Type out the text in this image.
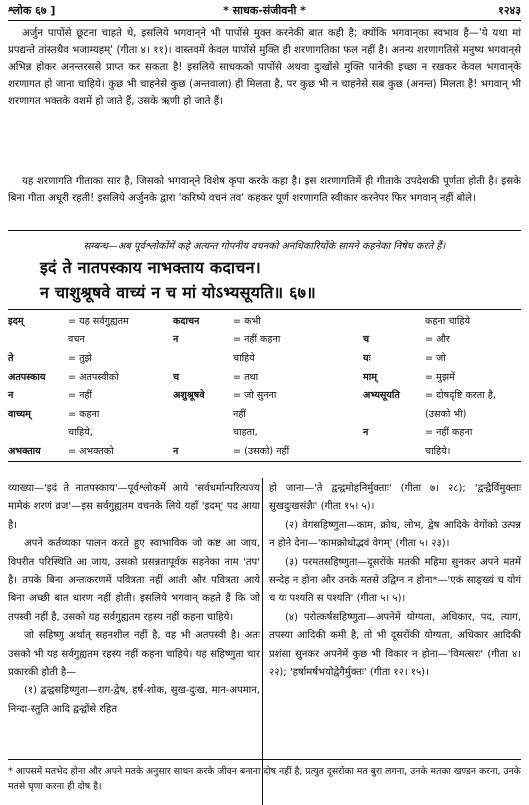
श्लोक ६७ ]	* साधक-संजीवनी *	१२४३
अर्जुन पापोंसे छूटना चाहते थे, इसलिये भगवान्‌ने भी पापोंसे मुक्त करनेकी बात कही है; क्योंकि भगवान्‌का स्वभाव है—'ये यथा मां प्रपद्यन्ते तांस्तथैव भजाम्यहम्' (गीता ४। ११)। वास्तवमें केवल पापोंसे मुक्ति ही शरणागतिका फल नहीं है। अनन्य शरणागतिसे मनुष्य भगवान्‌से अभिन्न होकर अनन्तरससे प्राप्त कर सकता है! इसलिये साधकको पापोंसे अथवा दुःखोंसे मुक्ति पानेकी इच्छा न रखकर केवल भगवान्‌के शरणागत हो जाना चाहिये। कुछ भी चाहनेसे कुछ (अन्तवाला) ही मिलता है, पर कुछ भी न चाहनेसे सब कुछ (अनन्त) मिलता है! भगवान्‌ भी शरणागत भक्तके वशमें हो जाते हैं, उसके ऋणी हो जाते हैं।
यह शरणागति गीताका सार है, जिसको भगवान्‌ने विशेष कृपा करके कहा है। इस शरणागतिमें ही गीताके उपदेशकी पूर्णता होती है। इसके बिना गीता अधूरी रहती! इसलिये अर्जुनके द्वारा 'करिष्ये वचनं तव' कहकर पूर्ण शरणागति स्वीकार करनेपर फिर भगवान्‌ नहीं बोले।
सम्बन्ध—अब पूर्वश्लोकोंमें कहे अत्यन्त गोपनीय वचनको अनधिकारियोंके सामने कहनेका निषेध करते हैं।
इदं ते नातपस्काय नाभक्ताय कदाचन।
न चाशुश्रूषवे वाच्यं न च मां योऽभ्यसूयति॥ ६७॥
इदम्	= यह सर्वगुह्यतम	कदाचन	= कभी		कहना चाहिये
	वचन	न	= नहीं कहना	च	= और
ते	= तुझे		चाहिये	यः	= जो
अतपस्काय	= अतपस्वीको	च	= तथा	माम्	= मुझमें
न	= नहीं	अशुश्रूषवे	= जो सुनना	अभ्यसूयति	= दोषदृष्टि करता है,
वाच्यम्	= कहना		नहीं		(उसको भी)
	चाहिये,		चाहता,	न	= नहीं कहना
अभक्ताय	= अभक्तको	न	= (उसको) नहीं		चाहिये।

व्याख्या—'इदं ते नातपस्काय'—पूर्वश्लोकमें आये 'सर्वधर्मान्परित्यज्य मामेकं शरणं व्रज'—इस सर्वगुह्यतम वचनके लिये यहाँ 'इदम्' पद आया है।

अपने कर्तव्यका पालन करते हुए स्वाभाविक जो कष्ट आ जाय, विपरीत परिस्थिति आ जाय, उसको प्रसन्नतापूर्वक सहनेका नाम 'तप' है। तपके बिना अन्तःकरणमें पवित्रता नहीं आती और पवित्रता आये बिना अच्छी बात धारण नहीं होती। इसलिये भगवान्‌ कहते हैं कि जो तपस्वी नहीं है, उसको यह सर्वगुह्यतम रहस्य नहीं कहना चाहिये।

जो सहिष्णु अर्थात्‌ सहनशील नहीं है, वह भी अतपस्वी है। अतः उसको भी यह सर्वगुह्यतम रहस्य नहीं कहना चाहिये। यह सहिष्णुता चार प्रकारकी होती है—

(१) द्वन्द्वसहिष्णुता—राग-द्वेष, हर्ष-शोक, सुख-दुःख, मान-अपमान, निन्दा-स्तुति आदि द्वन्द्वोंसे रहित

हो जाना—'ते द्वन्द्वमोहनिर्मुक्ताः' (गीता ७। २८); 'द्वन्द्वैर्विमुक्ताः सुखदुःखसंज्ञैः' (गीता १५। ५)।

(२) वेगसहिष्णुता—काम, क्रोध, लोभ, द्वेष आदिके वेगोंको उत्पन्न न होने देना—'कामक्रोधोद्भवं वेगम्' (गीता ५। २३)।

(३) परमतसहिष्णुता—दूसरोंके मतकी महिमा सुनकर अपने मतमें सन्देह न होना और उनके मतसे उद्विग्न न होना*—'एकं साङ्ख्यं च योगं च यः पश्यति स पश्यति' (गीता ५। ५)।

(४) परोत्कर्षसहिष्णुता—अपनेमें योग्यता, अधिकार, पद, त्याग, तपस्या आदिकी कमी है, तो भी दूसरोंकी योग्यता, अधिकार आदिकी प्रशंसा सुनकर अपनेमें कुछ भी विकार न होना—'विमत्सरः' (गीता ४। २२); 'हर्षामर्षभयोद्वेगैर्मुक्तः' (गीता १२। १५)।

* आपसमें मतभेद होना और अपने मतके अनुसार साधन करके जीवन बनाना दोष नहीं है, प्रत्युत दूसरोंका मत बुरा लगना, उनके मतका खण्डन करना, उनके मतसे घृणा करना ही दोष है।
